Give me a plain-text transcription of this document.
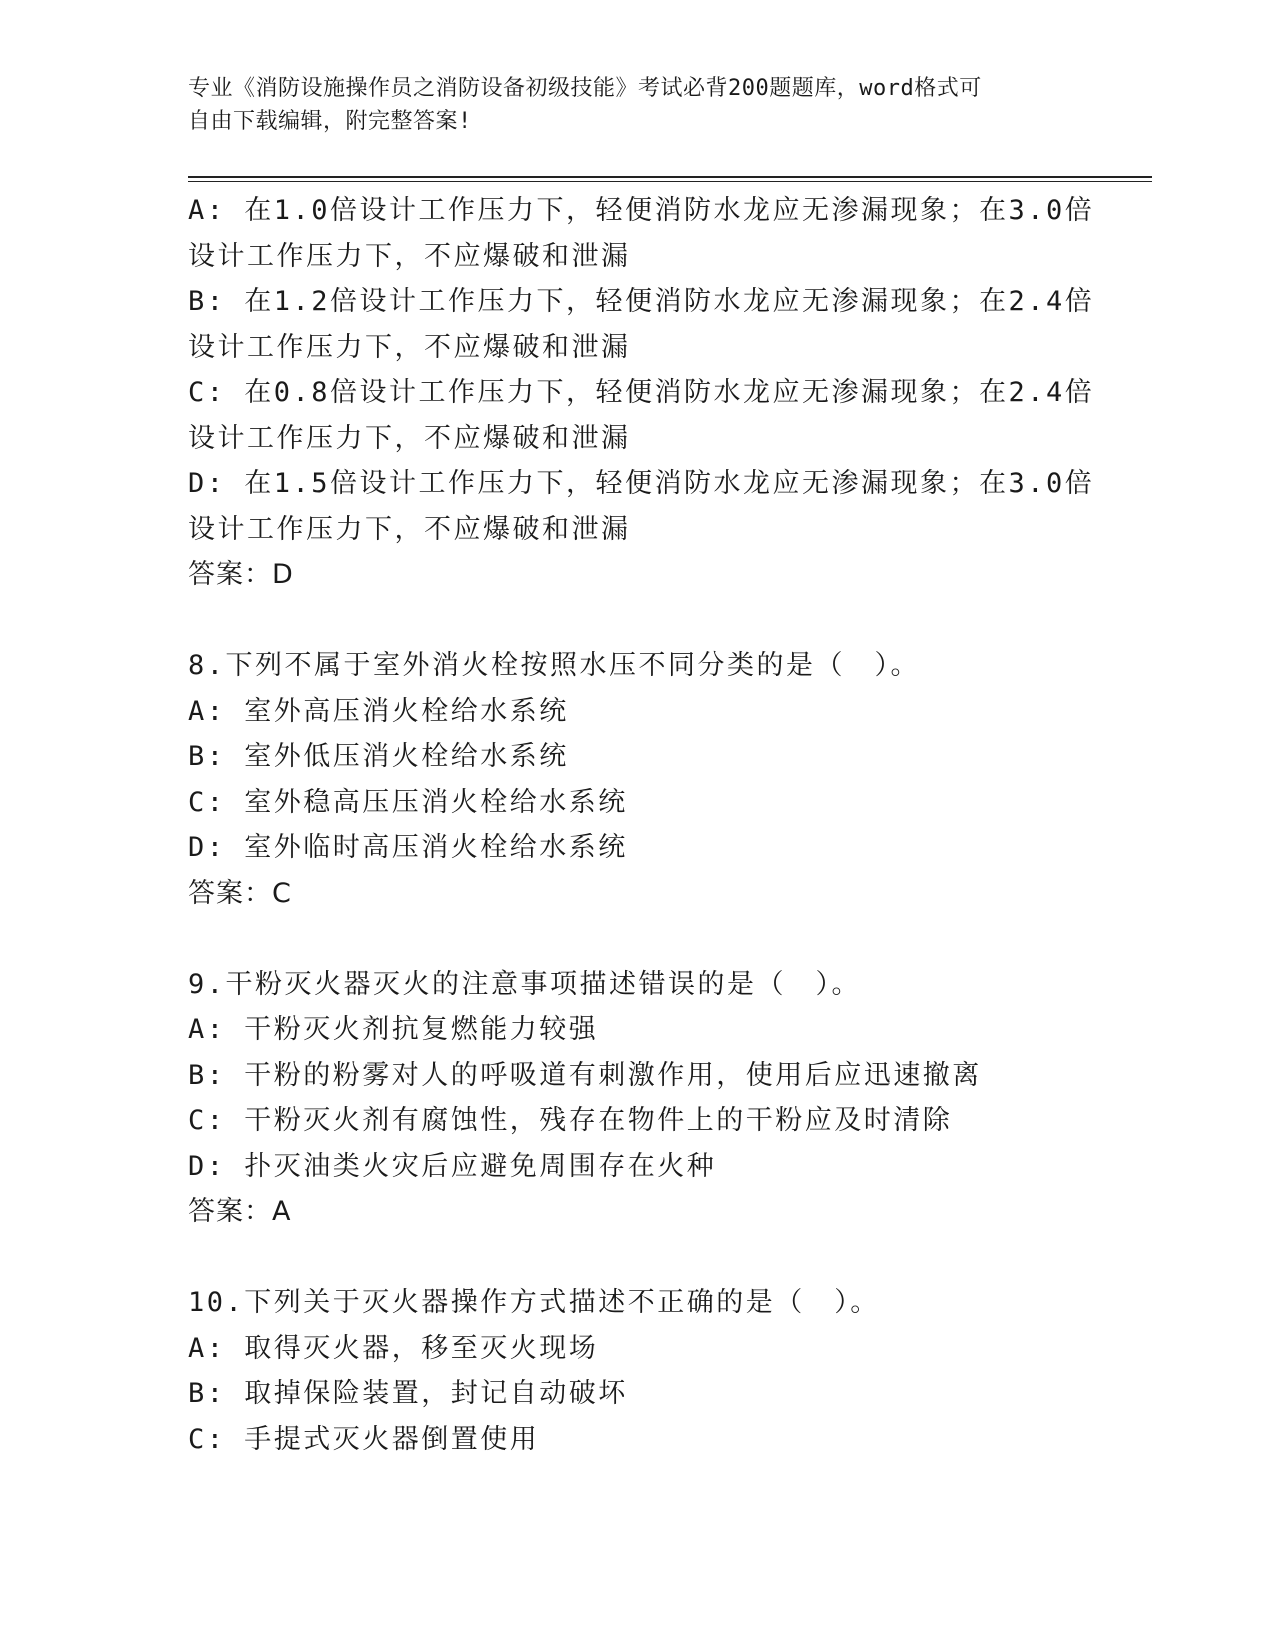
专业《消防设施操作员之消防设备初级技能》考试必背200题题库，word格式可
自由下载编辑，附完整答案!
A: 在1.0倍设计工作压力下，轻便消防水龙应无渗漏现象；在3.0倍
设计工作压力下，不应爆破和泄漏
B: 在1.2倍设计工作压力下，轻便消防水龙应无渗漏现象；在2.4倍
设计工作压力下，不应爆破和泄漏
C: 在0.8倍设计工作压力下，轻便消防水龙应无渗漏现象；在2.4倍
设计工作压力下，不应爆破和泄漏
D: 在1.5倍设计工作压力下，轻便消防水龙应无渗漏现象；在3.0倍
设计工作压力下，不应爆破和泄漏
答案：D
8.下列不属于室外消火栓按照水压不同分类的是（　）。
A: 室外高压消火栓给水系统
B: 室外低压消火栓给水系统
C: 室外稳高压压消火栓给水系统
D: 室外临时高压消火栓给水系统
答案：C
9.干粉灭火器灭火的注意事项描述错误的是（　）。
A: 干粉灭火剂抗复燃能力较强
B: 干粉的粉雾对人的呼吸道有刺激作用，使用后应迅速撤离
C: 干粉灭火剂有腐蚀性，残存在物件上的干粉应及时清除
D: 扑灭油类火灾后应避免周围存在火种
答案：A
10.下列关于灭火器操作方式描述不正确的是（　）。
A: 取得灭火器，移至灭火现场
B: 取掉保险装置，封记自动破坏
C: 手提式灭火器倒置使用
